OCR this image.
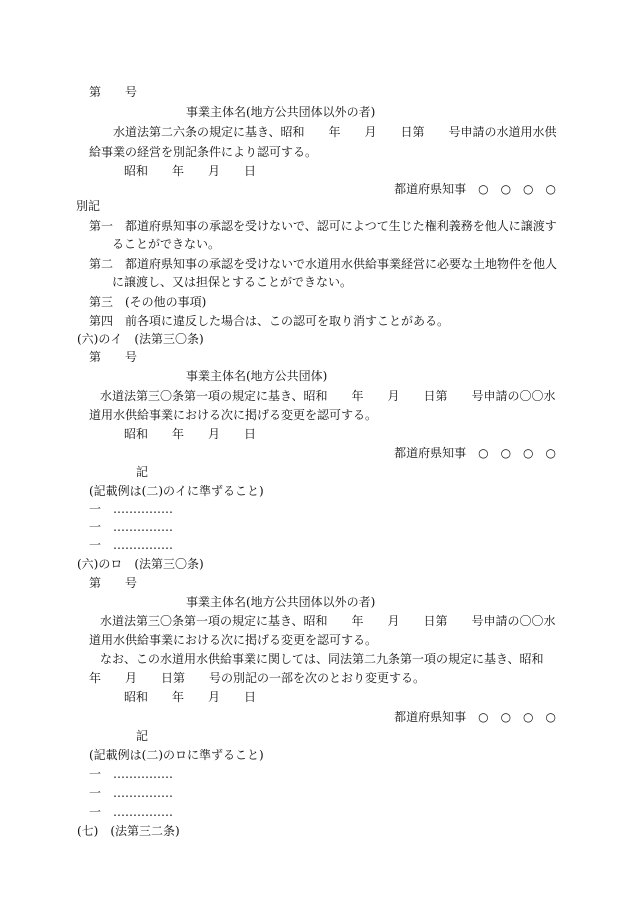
第　　号
事業主体名(地方公共団体以外の者)
水道法第二六条の規定に基き、昭和　　年　　月　　日第　　号申請の水道用水供
給事業の経営を別記条件により認可する。
昭和　　年　　月　　日
都道府県知事　○　○　○　○
別記
第一　都道府県知事の承認を受けないで、認可によつて生じた権利義務を他人に譲渡す
ることができない。
第二　都道府県知事の承認を受けないで水道用水供給事業経営に必要な土地物件を他人
に譲渡し、又は担保とすることができない。
第三　(その他の事項)
第四　前各項に違反した場合は、この認可を取り消すことがある。
(六)のイ　(法第三〇条)
第　　号
事業主体名(地方公共団体)
水道法第三〇条第一項の規定に基き、昭和　　年　　月　　日第　　号申請の〇〇水
道用水供給事業における次に掲げる変更を認可する。
昭和　　年　　月　　日
都道府県知事　○　○　○　○
記
(記載例は(二)のイに準ずること)
一　……………
一　……………
一　……………
(六)のロ　(法第三〇条)
第　　号
事業主体名(地方公共団体以外の者)
水道法第三〇条第一項の規定に基き、昭和　　年　　月　　日第　　号申請の〇〇水
道用水供給事業における次に掲げる変更を認可する。
なお、この水道用水供給事業に関しては、同法第二九条第一項の規定に基き、昭和
年　　月　　日第　　号の別記の一部を次のとおり変更する。
昭和　　年　　月　　日
都道府県知事　○　○　○　○
記
(記載例は(二)のロに準ずること)
一　……………
一　……………
一　……………
(七)　(法第三二条)
